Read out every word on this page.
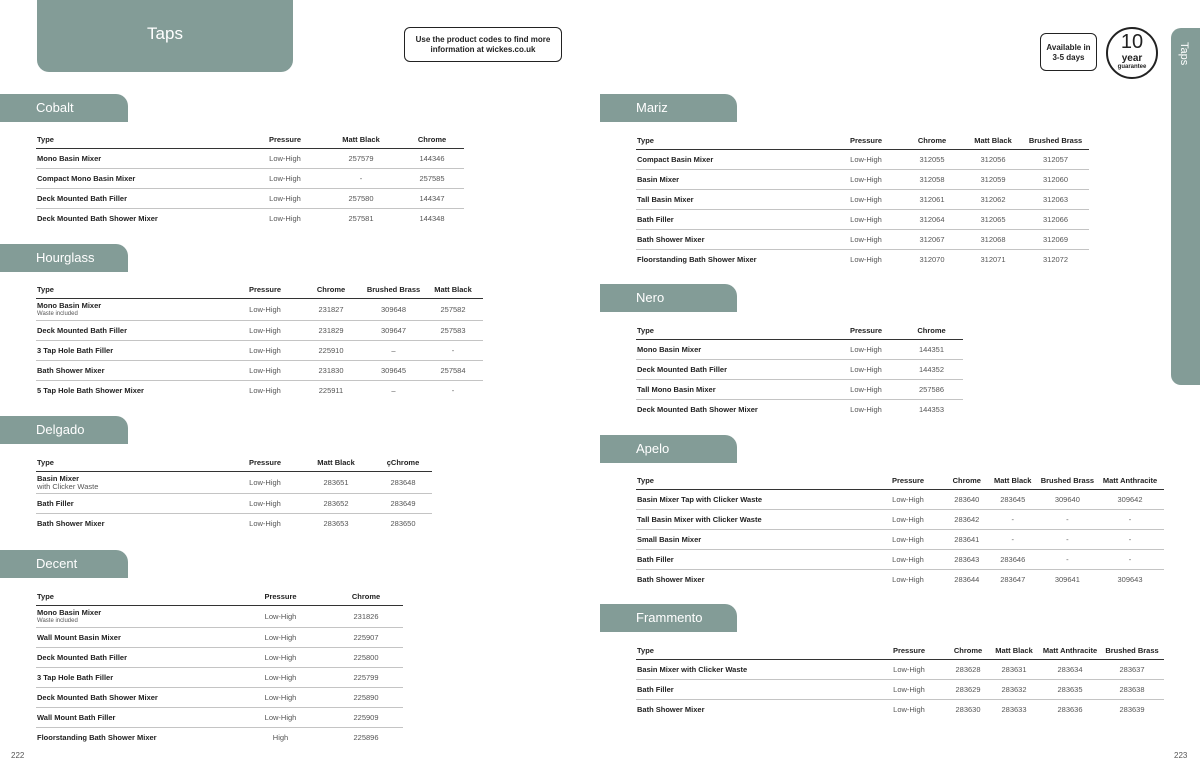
Taps	Use the product codes to find more
information at wickes.co.uk	Available in
3-5 days
10
year
guarantee
Taps
Cobalt
Type	Pressure	Matt Black	Chrome
Mono Basin Mixer	Low-High	257579	144346
Compact Mono Basin Mixer	Low-High	-	257585
Deck Mounted Bath Filler	Low-High	257580	144347
Deck Mounted Bath Shower Mixer	Low-High	257581	144348
Hourglass
Type	Pressure	Chrome	Brushed Brass	Matt Black
Mono Basin Mixer
Waste included	Low-High	231827	309648	257582
Deck Mounted Bath Filler	Low-High	231829	309647	257583
3 Tap Hole Bath Filler	Low-High	225910	–	-
Bath Shower Mixer	Low-High	231830	309645	257584
5 Tap Hole Bath Shower Mixer	Low-High	225911	–	-
Delgado
Type	Pressure	Matt Black	çChrome
Basin Mixer
with Clicker Waste	Low-High	283651	283648
Bath Filler	Low-High	283652	283649
Bath Shower Mixer	Low-High	283653	283650
Decent
Type	Pressure	Chrome
Mono Basin Mixer
Waste included	Low-High	231826
Wall Mount Basin Mixer	Low-High	225907
Deck Mounted Bath Filler	Low-High	225800
3 Tap Hole Bath Filler	Low-High	225799
Deck Mounted Bath Shower Mixer	Low-High	225890
Wall Mount Bath Filler	Low-High	225909
Floorstanding Bath Shower Mixer	High	225896
Mariz
Type	Pressure	Chrome	Matt Black	Brushed Brass
Compact Basin Mixer	Low-High	312055	312056	312057
Basin Mixer	Low-High	312058	312059	312060
Tall Basin Mixer	Low-High	312061	312062	312063
Bath Filler	Low-High	312064	312065	312066
Bath Shower Mixer	Low-High	312067	312068	312069
Floorstanding Bath Shower Mixer	Low-High	312070	312071	312072
Nero
Type	Pressure	Chrome
Mono Basin Mixer	Low-High	144351
Deck Mounted Bath Filler	Low-High	144352
Tall Mono Basin Mixer	Low-High	257586
Deck Mounted Bath Shower Mixer	Low-High	144353
Apelo
Type	Pressure	Chrome	Matt Black	Brushed Brass	Matt Anthracite
Basin Mixer Tap with Clicker Waste	Low-High	283640	283645	309640	309642
Tall Basin Mixer with Clicker Waste	Low-High	283642	-	-	-
Small Basin Mixer	Low-High	283641	-	-	-
Bath Filler	Low-High	283643	283646	-	-
Bath Shower Mixer	Low-High	283644	283647	309641	309643
Frammento
Type	Pressure	Chrome	Matt Black	Matt Anthracite	Brushed Brass
Basin Mixer with Clicker Waste	Low-High	283628	283631	283634	283637
Bath Filler	Low-High	283629	283632	283635	283638
Bath Shower Mixer	Low-High	283630	283633	283636	283639
222	223
